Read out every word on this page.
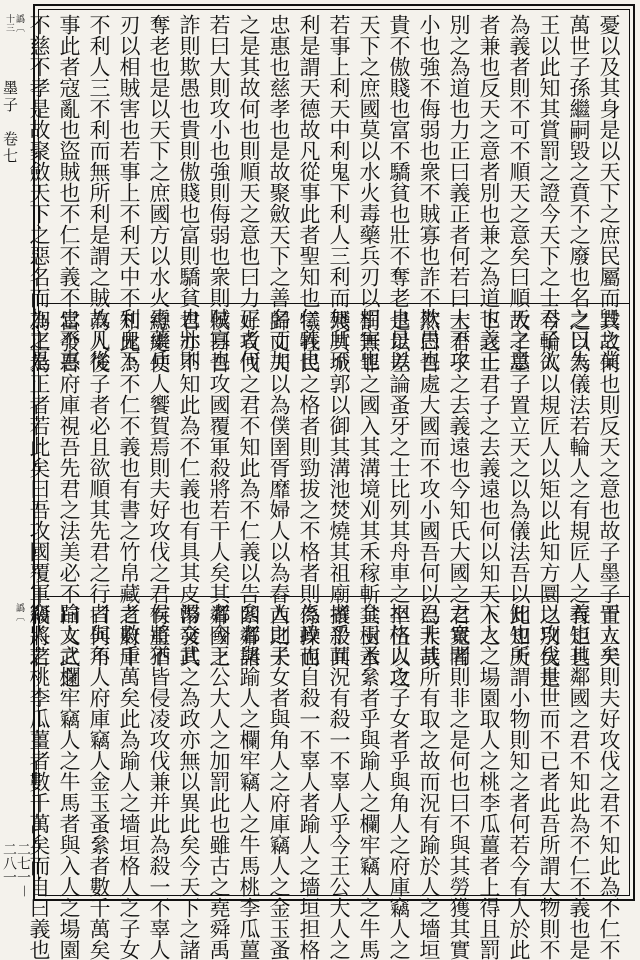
墨子　卷七
二七一－二八一
憂以及其身是以天下之庶民屬而毀之業
萬世子孫繼嗣毀之賁不之廢也名之曰失
王以此知其賞罰之證今天下之士君子欲
為義者則不可不順天之意矣曰順天之意
者兼也反天之意者別也兼之為道也義正
別之為道也力正曰義正者何若曰大不攻
小也強不侮弱也衆不賊寡也詐不欺愚也
貴不傲賤也富不驕貧也壯不奪老也是以
天下之庶國莫以水火毒藥兵刃以相害也
若事上利天中利鬼下利人三利而無所不
利是謂天德故凡從事此者聖知也仁義也
忠惠也慈孝也是故聚斂天下之善名而加
之是其故何也則順天之意也曰力正者何
若曰大則攻小也強則侮弱也衆則賊寡也
詐則欺愚也貴則傲賤也富則驕貧也壯則
奪老也是以天下之庶國方以水火毒藥兵
刃以相賊害也若事上不利天中不利鬼下
不利人三不利而無所利是謂之賊故凡從
事此者寇亂也盜賊也不仁不義不忠不惠
不慈不孝是故聚斂天下之惡名而加之是
譌〔
十三
其故何也則反天之意也故子墨子置立天
之以為儀法若輪人之有規匠人之有矩也
今輪人以規匠人以矩以此知方圜之別矣是
故子墨子置立天之以為儀法吾以此知天
下之士君子之去義遠也何以知天下之
士君子之去義遠也今知氏大國之君寬者
然曰吾處大國而不攻小國吾何以為大哉
是以差論蚤牙之士比列其舟車之卒伍以攻
罰無罪之國入其溝境刈其禾稼斬其樹木
殘其城郭以御其溝池焚燒其祖廟攘殺其
犧牲民之格者則勁拔之不格者則係操而
歸丈夫以為僕圉胥靡婦人以為舂酋則夫
好攻伐之君不知此為不仁義以告四鄰諸
侯曰吾攻國覆軍殺將若干人矣其鄰國之
君亦不知此為不仁義也有具其皮幣發其
總處使人饗賀焉則夫好攻伐之君有重不
知此為不仁不義也有書之竹帛藏之府庫
為人後子者必且欲順其先君之行曰何不
當發吾府庫視吾先君之法美必不曰文武之
為正為正者若此矣曰吾攻國覆軍殺將若
干人矣則夫好攻伐之君不知此為不仁不
義也其鄰國之君不知此為不仁不義也是
以攻伐世世而不已者此吾所謂大物則不
知也所謂小物則知之者何若今有人於此
入人之場園取人之桃李瓜薑者上得且罰
之衆聞則非之是何也曰不與其勞獲其實
已非其所有取之故而況有踰於人之墻垣
担格人之子女者乎與角人之府庫竊人之
金玉蚤絫者乎與踰人之欄牢竊人之牛馬
者乎而況有殺一不辜人乎今王公大人之
為政也自殺一不辜人者踰人之墻垣担格
人之子女者與角人之府庫竊人之金玉蚤
絫者與踰人之欄牢竊人之牛馬桃李瓜薑
者今王公大人之加罰此也雖古之堯舜禹
湯文武之為政亦無以異此矣今天下之諸
侯將猶皆侵凌攻伐兼并此為殺一不辜人
者數千萬矣此為踰人之墻垣格人之子女
者與角人府庫竊人金玉蚤絫者數千萬矣
踰人之欄牢竊人之牛馬者與入人之場園
竊人之桃李瓜薑者數千萬矣而自曰義也
譌〔
